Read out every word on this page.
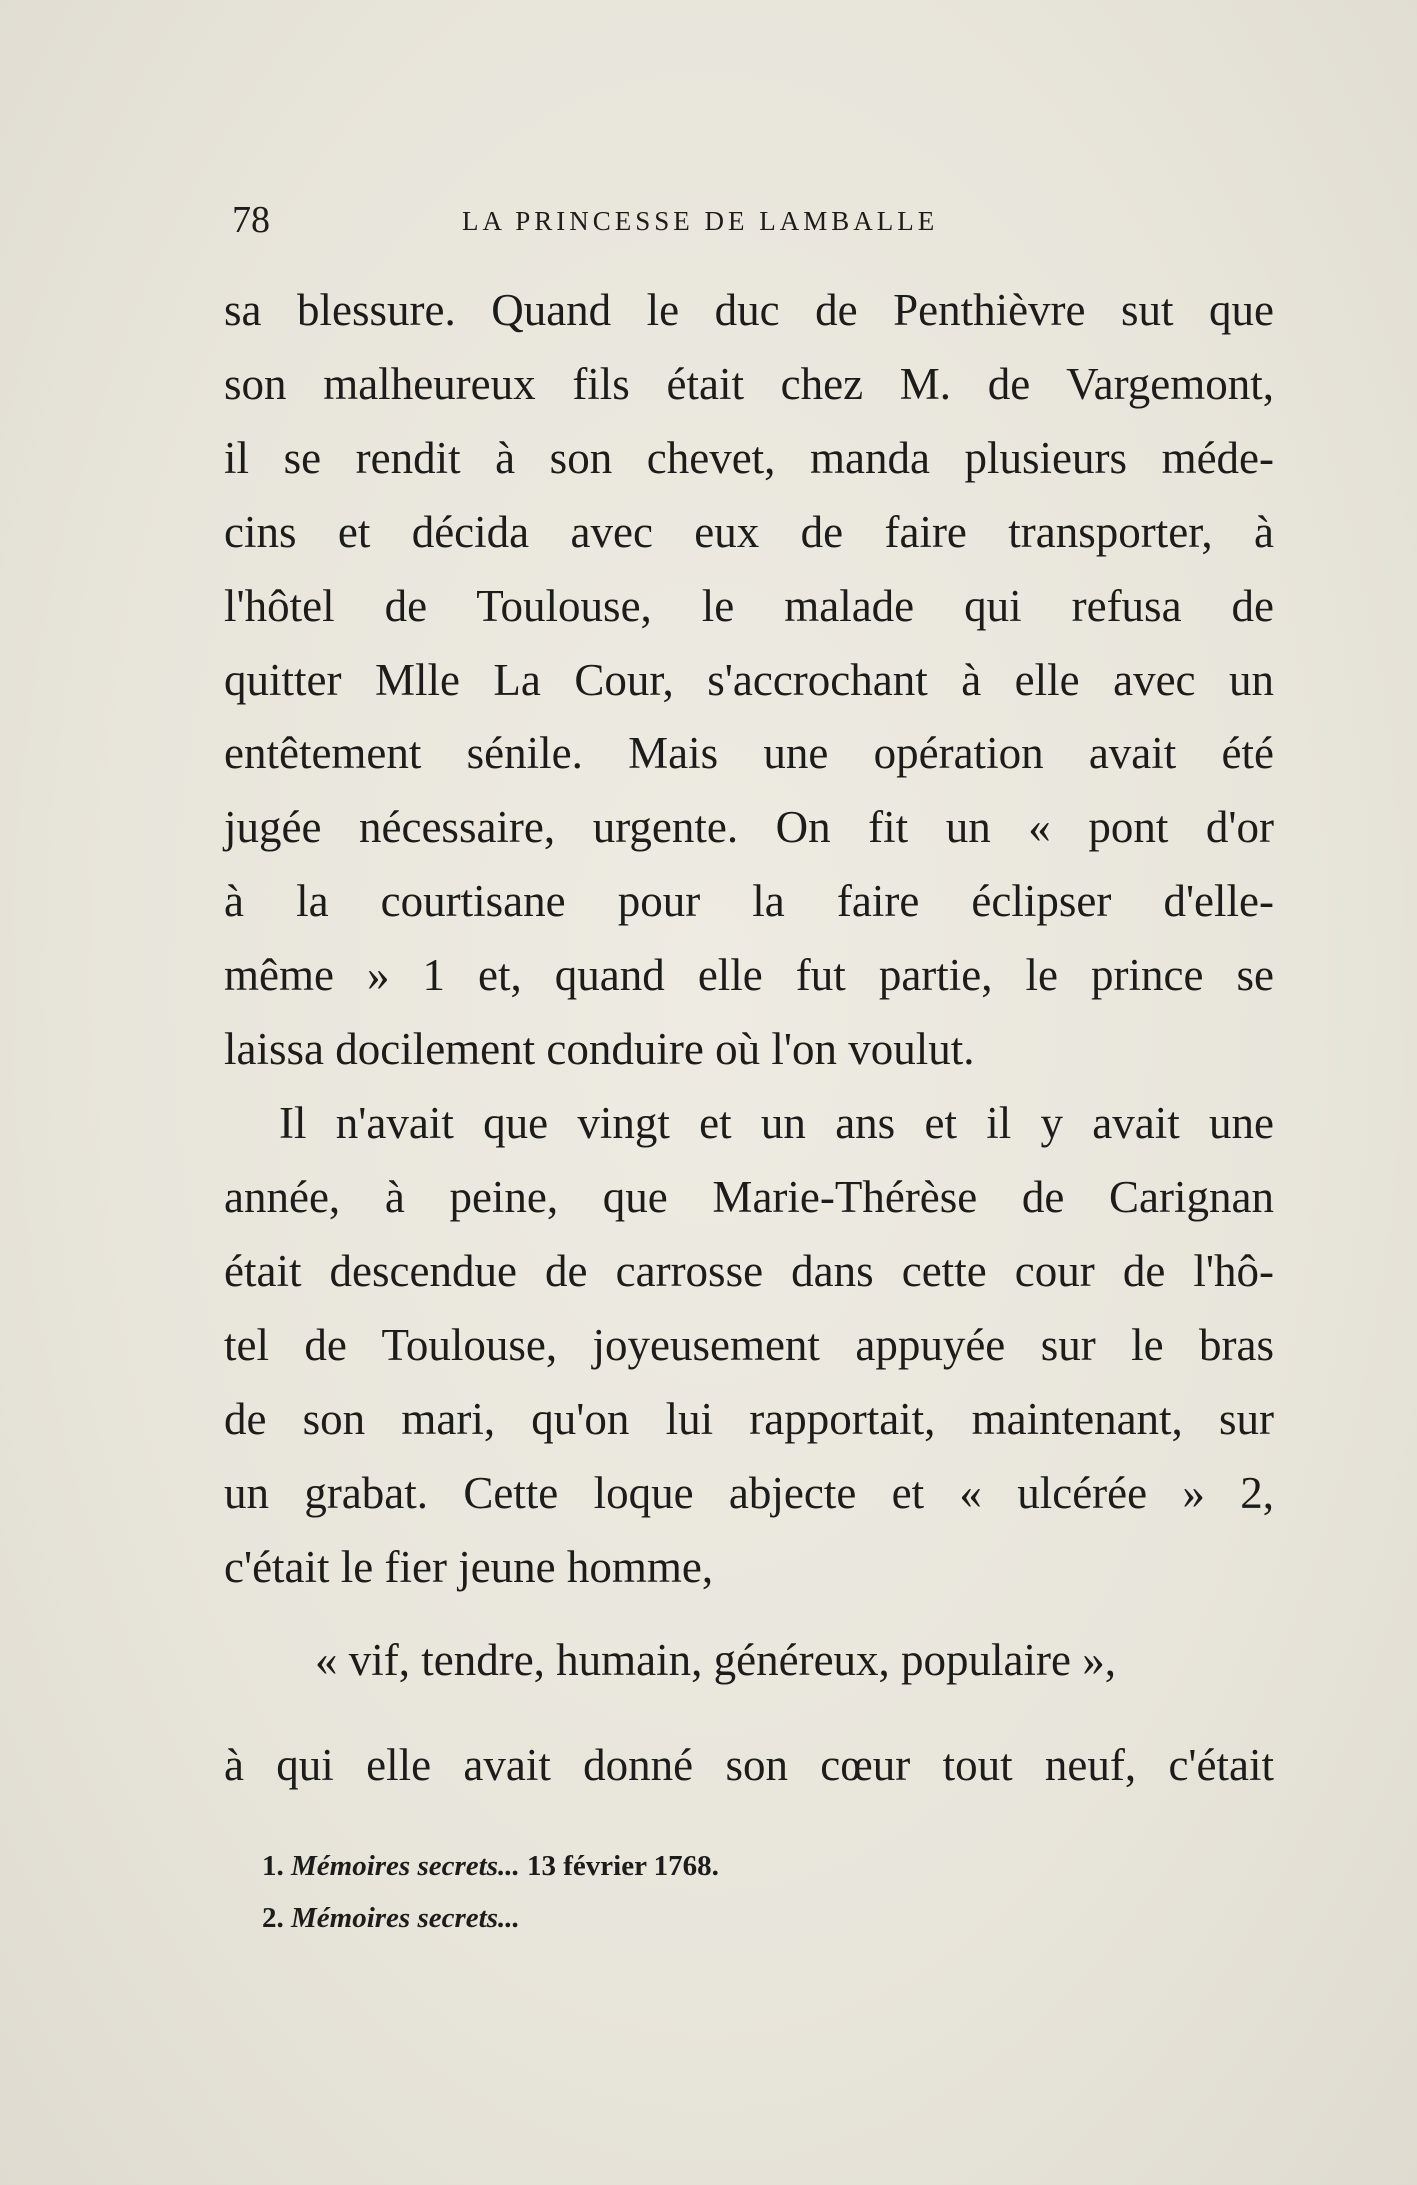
78	LA PRINCESSE DE LAMBALLE
sa blessure. Quand le duc de Penthièvre sut que
son malheureux fils était chez M. de Vargemont,
il se rendit à son chevet, manda plusieurs méde-
cins et décida avec eux de faire transporter, à
l'hôtel de Toulouse, le malade qui refusa de
quitter Mlle La Cour, s'accrochant à elle avec un
entêtement sénile. Mais une opération avait été
jugée nécessaire, urgente. On fit un « pont d'or
à la courtisane pour la faire éclipser d'elle-
même » 1 et, quand elle fut partie, le prince se
laissa docilement conduire où l'on voulut.
Il n'avait que vingt et un ans et il y avait une
année, à peine, que Marie-Thérèse de Carignan
était descendue de carrosse dans cette cour de l'hô-
tel de Toulouse, joyeusement appuyée sur le bras
de son mari, qu'on lui rapportait, maintenant, sur
un grabat. Cette loque abjecte et « ulcérée » 2,
c'était le fier jeune homme,
« vif, tendre, humain, généreux, populaire »,
à qui elle avait donné son cœur tout neuf, c'était
1. Mémoires secrets... 13 février 1768.
2. Mémoires secrets...
